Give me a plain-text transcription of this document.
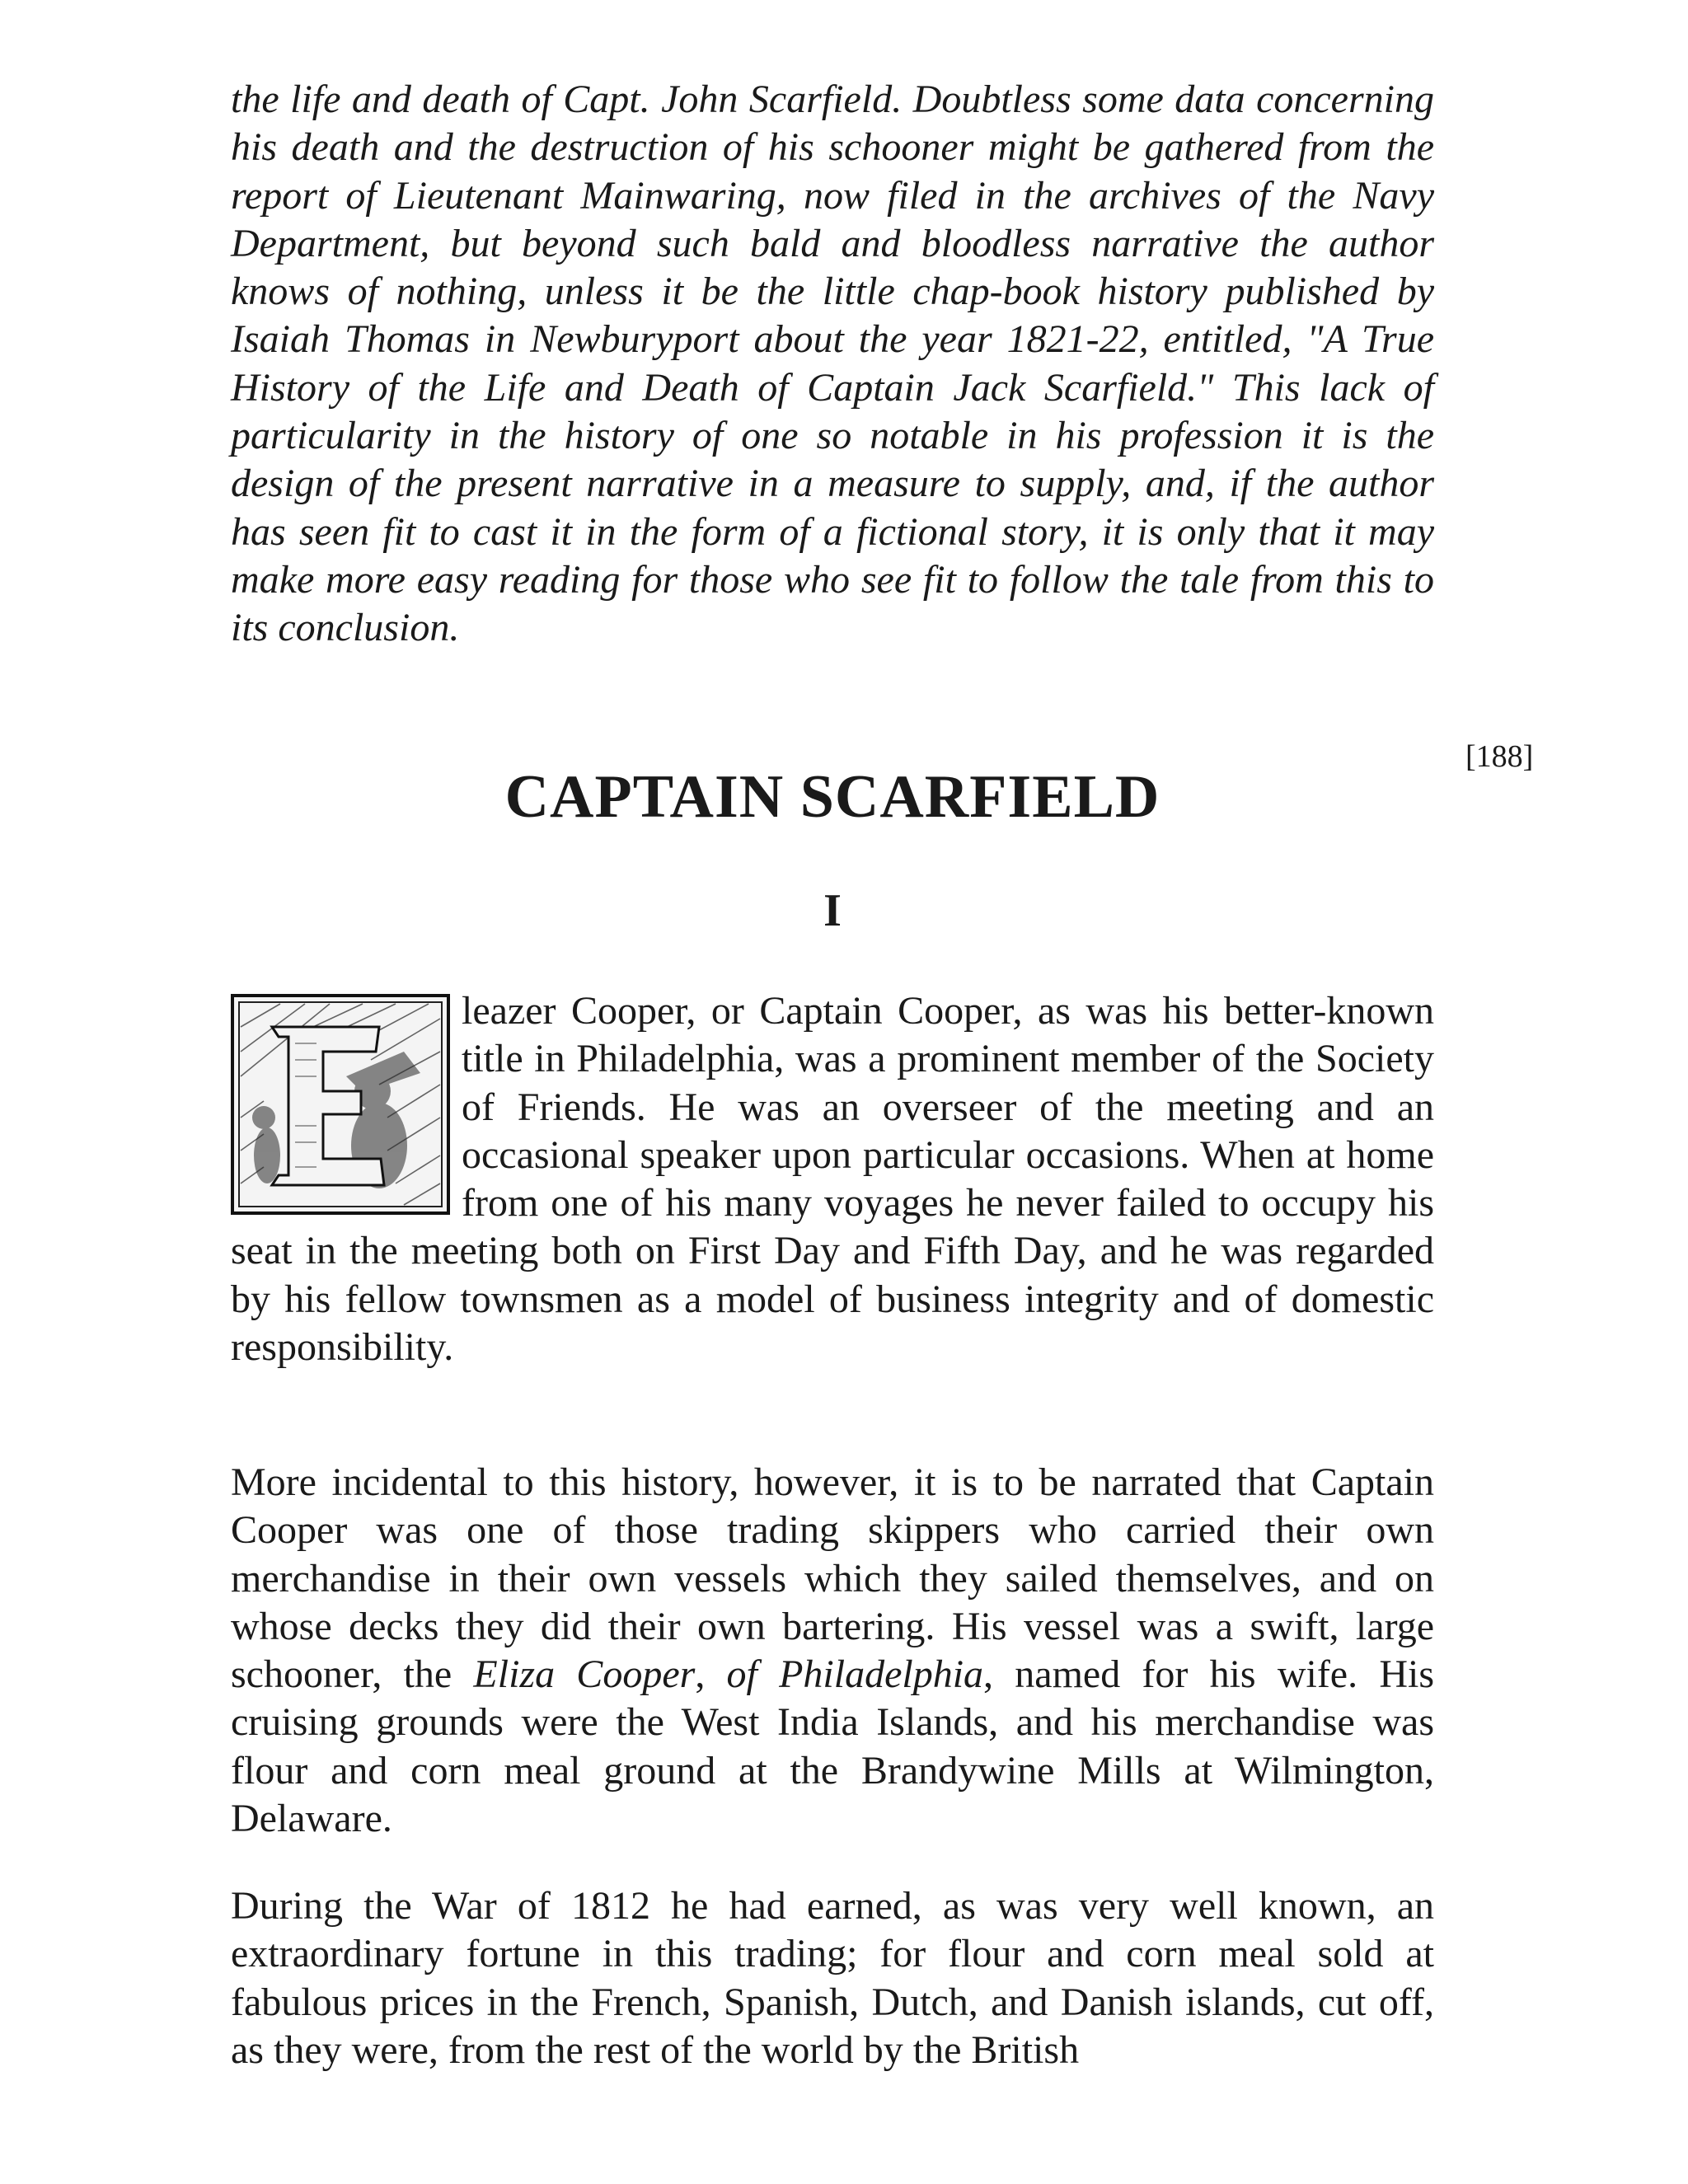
the life and death of Capt. John Scarfield. Doubtless some data concerning his death and the destruction of his schooner might be gathered from the report of Lieutenant Mainwaring, now filed in the archives of the Navy Department, but beyond such bald and bloodless narrative the author knows of nothing, unless it be the little chap-book history published by Isaiah Thomas in Newburyport about the year 1821-22, entitled, "A True History of the Life and Death of Captain Jack Scarfield." This lack of particularity in the history of one so notable in his profession it is the design of the present narrative in a measure to supply, and, if the author has seen fit to cast it in the form of a fictional story, it is only that it may make more easy reading for those who see fit to follow the tale from this to its conclusion.

[188]
CAPTAIN SCARFIELD
I

leazer Cooper, or Captain Cooper, as was his better-known title in Philadelphia, was a prominent member of the Society of Friends. He was an overseer of the meeting and an occasional speaker upon particular occasions. When at home from one of his many voyages he never failed to occupy his seat in the meeting both on First Day and Fifth Day, and he was regarded by his fellow townsmen as a model of business integrity and of domestic responsibility.

More incidental to this history, however, it is to be narrated that Captain Cooper was one of those trading skippers who carried their own merchandise in their own vessels which they sailed themselves, and on whose decks they did their own bartering. His vessel was a swift, large schooner, the Eliza Cooper, of Philadelphia, named for his wife. His cruising grounds were the West India Islands, and his merchandise was flour and corn meal ground at the Brandywine Mills at Wilmington, Delaware.

During the War of 1812 he had earned, as was very well known, an extraordinary fortune in this trading; for flour and corn meal sold at fabulous prices in the French, Spanish, Dutch, and Danish islands, cut off, as they were, from the rest of the world by the British
